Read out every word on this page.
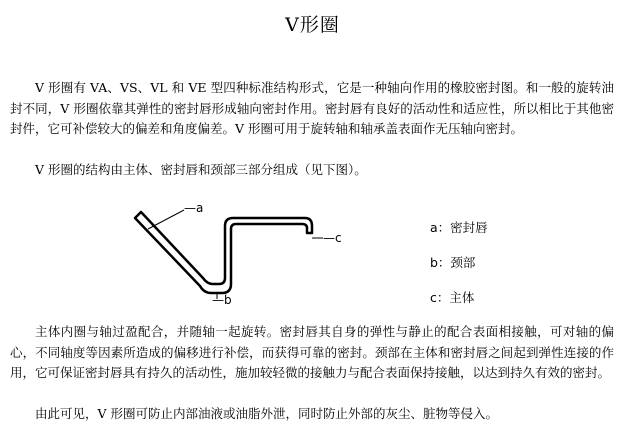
V形圈

V 形圈有 VA、VS、VL 和 VE 型四种标准结构形式，它是一种轴向作用的橡胶密封图。和一般的旋转油封不同，V 形圈依靠其弹性的密封唇形成轴向密封作用。密封唇有良好的活动性和适应性，所以相比于其他密封件，它可补偿较大的偏差和角度偏差。V 形圈可用于旋转轴和轴承盖表面作无压轴向密封。

V 形圈的结构由主体、密封唇和颈部三部分组成（见下图）。

—a
—c
—b
a：密封唇
b：颈部
c：主体

主体内圈与轴过盈配合，并随轴一起旋转。密封唇其自身的弹性与静止的配合表面相接触，可对轴的偏心，不同轴度等因素所造成的偏移进行补偿，而获得可靠的密封。颈部在主体和密封唇之间起到弹性连接的作用，它可保证密封唇具有持久的活动性，施加较轻微的接触力与配合表面保持接触，以达到持久有效的密封。

由此可见，V 形圈可防止内部油液或油脂外泄，同时防止外部的灰尘、脏物等侵入。
